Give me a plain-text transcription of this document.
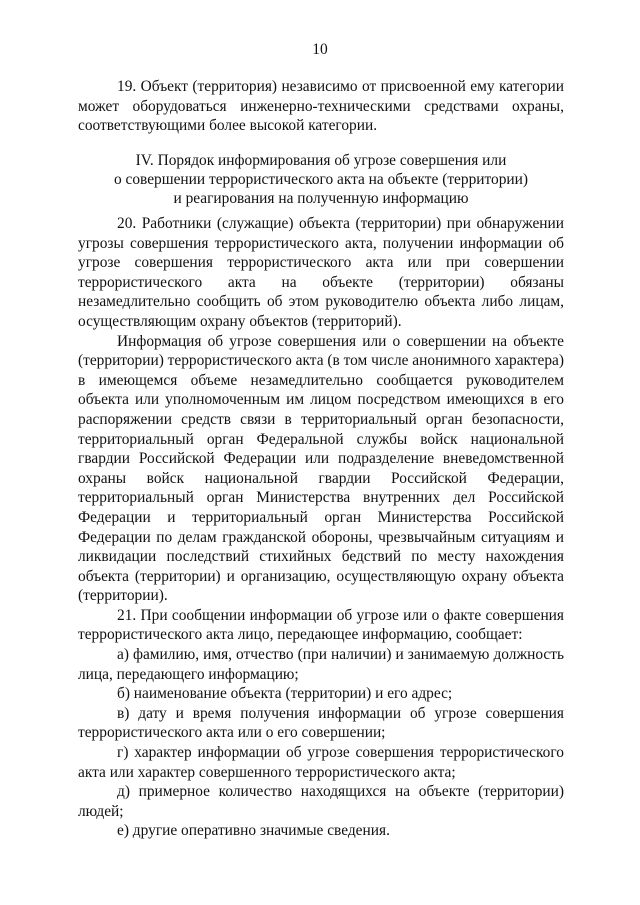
10

19. Объект (территория) независимо от присвоенной ему категории может оборудоваться инженерно-техническими средствами охраны, соответствующими более высокой категории.

IV. Порядок информирования об угрозе совершения или
о совершении террористического акта на объекте (территории)
и реагирования на полученную информацию

20. Работники (служащие) объекта (территории) при обнаружении угрозы совершения террористического акта, получении информации об угрозе совершения террористического акта или при совершении террористического акта на объекте (территории) обязаны незамедлительно сообщить об этом руководителю объекта либо лицам, осуществляющим охрану объектов (территорий).

Информация об угрозе совершения или о совершении на объекте (территории) террористического акта (в том числе анонимного характера) в имеющемся объеме незамедлительно сообщается руководителем объекта или уполномоченным им лицом посредством имеющихся в его распоряжении средств связи в территориальный орган безопасности, территориальный орган Федеральной службы войск национальной гвардии Российской Федерации или подразделение вневедомственной охраны войск национальной гвардии Российской Федерации, территориальный орган Министерства внутренних дел Российской Федерации и территориальный орган Министерства Российской Федерации по делам гражданской обороны, чрезвычайным ситуациям и ликвидации последствий стихийных бедствий по месту нахождения объекта (территории) и организацию, осуществляющую охрану объекта (территории).

21. При сообщении информации об угрозе или о факте совершения террористического акта лицо, передающее информацию, сообщает:

а) фамилию, имя, отчество (при наличии) и занимаемую должность лица, передающего информацию;

б) наименование объекта (территории) и его адрес;

в) дату и время получения информации об угрозе совершения террористического акта или о его совершении;

г) характер информации об угрозе совершения террористического акта или характер совершенного террористического акта;

д) примерное количество находящихся на объекте (территории) людей;

е) другие оперативно значимые сведения.
